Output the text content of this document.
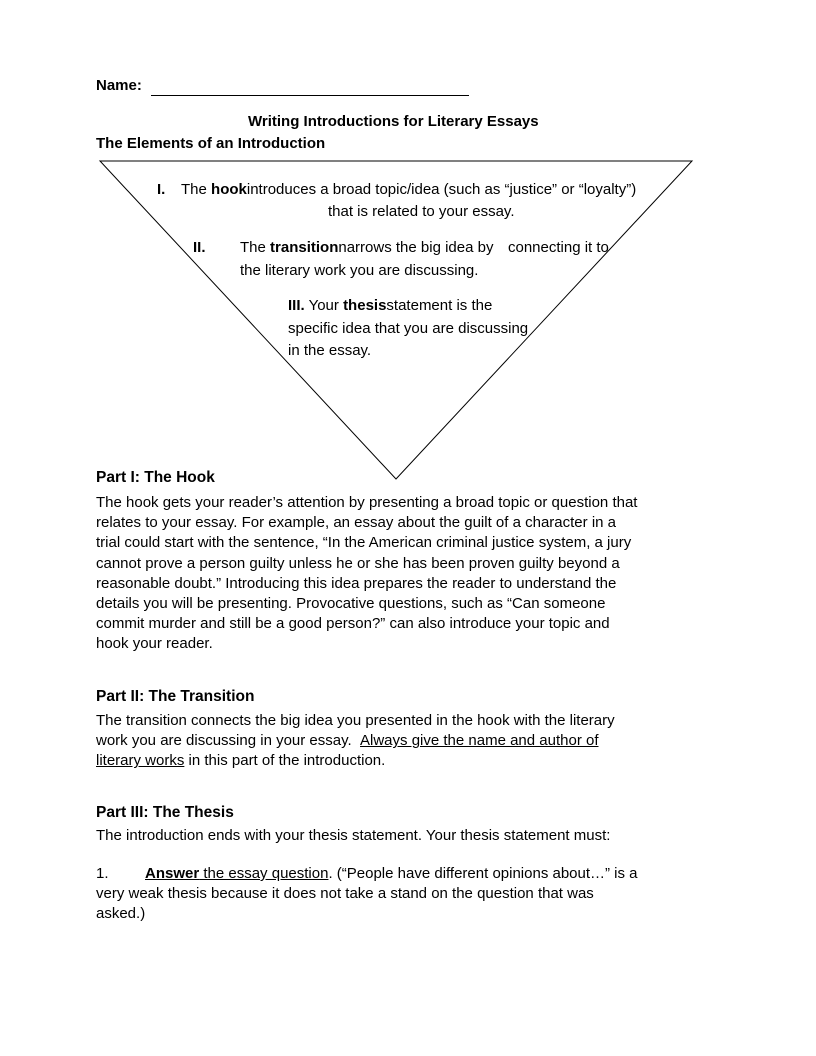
Name:
Writing Introductions for Literary Essays
The Elements of an Introduction
I. The hookintroduces a broad topic/idea (such as “justice” or “loyalty”)
that is related to your essay.
II. The transitionnarrows the big idea by connecting it to
the literary work you are discussing.
III. Your thesisstatement is the
specific idea that you are discussing
in the essay.
Part I: The Hook
The hook gets your reader’s attention by presenting a broad topic or question that
relates to your essay. For example, an essay about the guilt of a character in a
trial could start with the sentence, “In the American criminal justice system, a jury
cannot prove a person guilty unless he or she has been proven guilty beyond a
reasonable doubt.” Introducing this idea prepares the reader to understand the
details you will be presenting. Provocative questions, such as “Can someone
commit murder and still be a good person?” can also introduce your topic and
hook your reader.
Part II: The Transition
The transition connects the big idea you presented in the hook with the literary
work you are discussing in your essay. Always give the name and author of
literary works in this part of the introduction.
Part III: The Thesis
The introduction ends with your thesis statement. Your thesis statement must:
1. Answer the essay question. (“People have different opinions about…” is a
very weak thesis because it does not take a stand on the question that was
asked.)
